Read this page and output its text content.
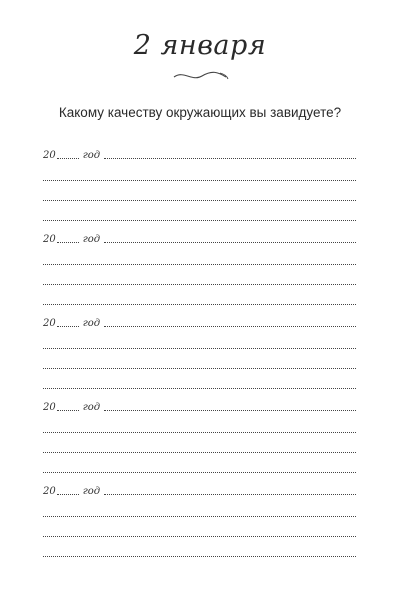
2 января
Какому качеству окружающих вы завидуете?
20	год
20	год
20	год
20	год
20	год
